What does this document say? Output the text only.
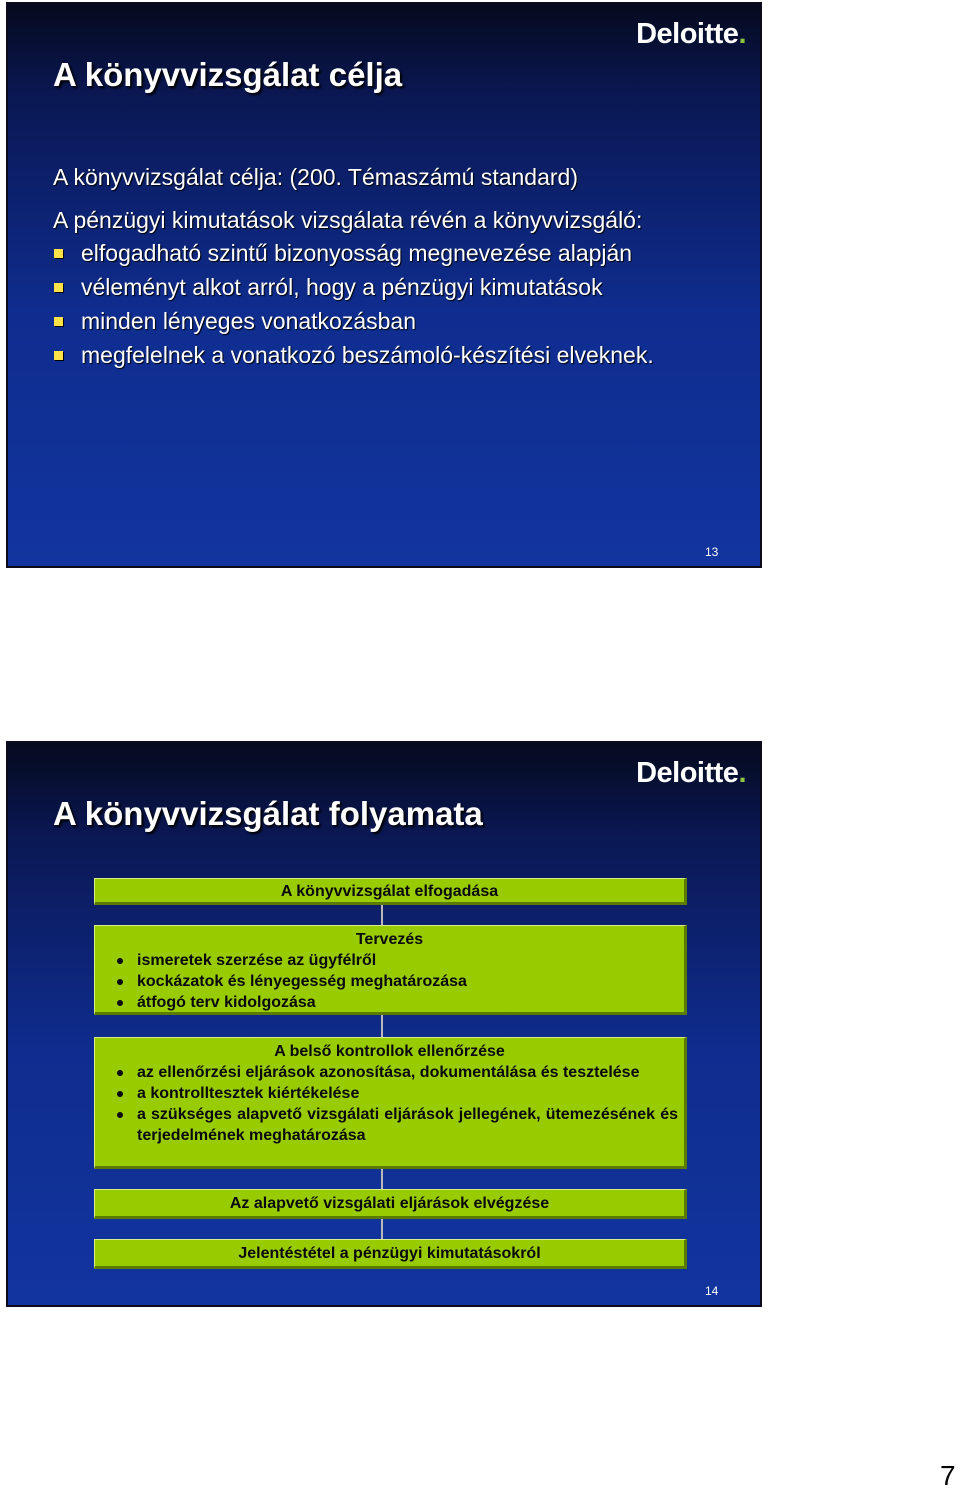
Deloitte.
A könyvvizsgálat célja
A könyvvizsgálat célja: (200. Témaszámú standard)
A pénzügyi kimutatások vizsgálata révén a könyvvizsgáló:
elfogadható szintű bizonyosság megnevezése alapján
véleményt alkot arról, hogy a pénzügyi kimutatások
minden lényeges vonatkozásban
megfelelnek a vonatkozó beszámoló-készítési elveknek.
13
Deloitte.
A könyvvizsgálat folyamata
A könyvvizsgálat elfogadása
Tervezés
ismeretek szerzése az ügyfélről
kockázatok és lényegesség meghatározása
átfogó terv kidolgozása
A belső kontrollok ellenőrzése
az ellenőrzési eljárások azonosítása, dokumentálása és tesztelése
a kontrolltesztek kiértékelése
a szükséges alapvető vizsgálati eljárások jellegének, ütemezésének és terjedelmének meghatározása
Az alapvető vizsgálati eljárások elvégzése
Jelentéstétel a pénzügyi kimutatásokról
14
7
